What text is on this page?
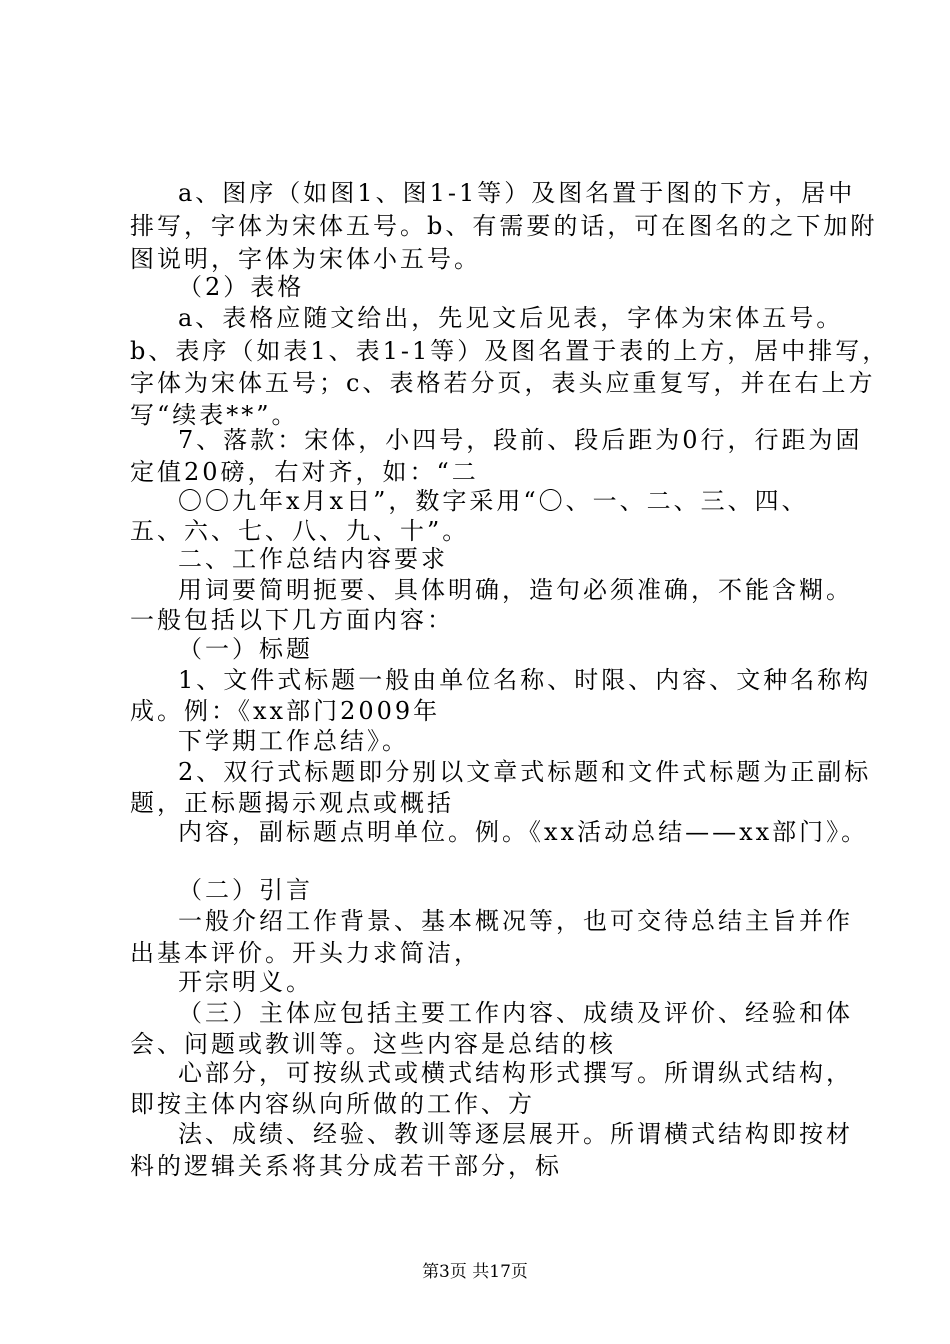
a、图序（如图1、图1-1等）及图名置于图的下方，居中
排写，字体为宋体五号。b、有需要的话，可在图名的之下加附
图说明，字体为宋体小五号。
（2）表格
a、表格应随文给出，先见文后见表，字体为宋体五号。
b、表序（如表1、表1-1等）及图名置于表的上方，居中排写，
字体为宋体五号；c、表格若分页，表头应重复写，并在右上方
写“续表**”。
7、落款：宋体，小四号，段前、段后距为0行，行距为固
定值20磅，右对齐，如：“二
〇〇九年x月x日”，数字采用“〇、一、二、三、四、
五、六、七、八、九、十”。
二、工作总结内容要求
用词要简明扼要、具体明确，造句必须准确，不能含糊。
一般包括以下几方面内容：
（一）标题
1、文件式标题一般由单位名称、时限、内容、文种名称构
成。例：《xx部门2009年
下学期工作总结》。
2、双行式标题即分别以文章式标题和文件式标题为正副标
题，正标题揭示观点或概括
内容，副标题点明单位。例。《xx活动总结——xx部门》。
（二）引言
一般介绍工作背景、基本概况等，也可交待总结主旨并作
出基本评价。开头力求简洁，
开宗明义。
（三）主体应包括主要工作内容、成绩及评价、经验和体
会、问题或教训等。这些内容是总结的核
心部分，可按纵式或横式结构形式撰写。所谓纵式结构，
即按主体内容纵向所做的工作、方
法、成绩、经验、教训等逐层展开。所谓横式结构即按材
料的逻辑关系将其分成若干部分，标
第3页 共17页
